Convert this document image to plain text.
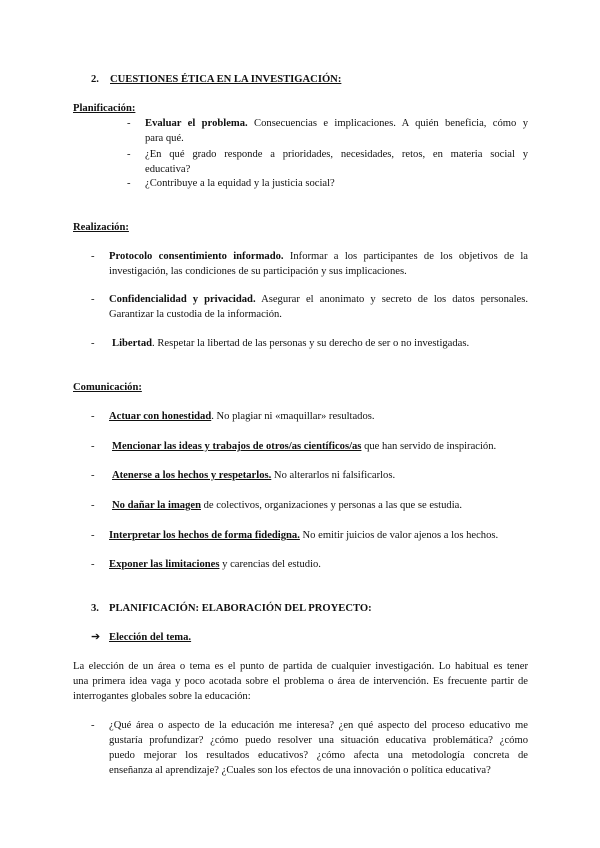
2. CUESTIONES ÉTICA EN LA INVESTIGACIÓN:
Planificación:
- Evaluar el problema. Consecuencias e implicaciones. A quién beneficia, cómo y
para qué.
- ¿En qué grado responde a prioridades, necesidades, retos, en materia social y
educativa?
- ¿Contribuye a la equidad y la justicia social?
Realización:
- Protocolo consentimiento informado. Informar a los participantes de los objetivos de la
investigación, las condiciones de su participación y sus implicaciones.
- Confidencialidad y privacidad. Asegurar el anonimato y secreto de los datos personales.
Garantizar la custodia de la información.
- Libertad. Respetar la libertad de las personas y su derecho de ser o no investigadas.
Comunicación:
- Actuar con honestidad. No plagiar ni «maquillar» resultados.
- Mencionar las ideas y trabajos de otros/as científicos/as que han servido de inspiración.
- Atenerse a los hechos y respetarlos. No alterarlos ni falsificarlos.
- No dañar la imagen de colectivos, organizaciones y personas a las que se estudia.
- Interpretar los hechos de forma fidedigna. No emitir juicios de valor ajenos a los hechos.
- Exponer las limitaciones y carencias del estudio.
3. PLANIFICACIÓN: ELABORACIÓN DEL PROYECTO:
➔ Elección del tema.
La elección de un área o tema es el punto de partida de cualquier investigación. Lo habitual es tener
una primera idea vaga y poco acotada sobre el problema o área de intervención. Es frecuente partir de
interrogantes globales sobre la educación:
- ¿Qué área o aspecto de la educación me interesa? ¿en qué aspecto del proceso educativo me
gustaría profundizar? ¿cómo puedo resolver una situación educativa problemática? ¿cómo
puedo mejorar los resultados educativos? ¿cómo afecta una metodología concreta de
enseñanza al aprendizaje? ¿Cuales son los efectos de una innovación o política educativa?
